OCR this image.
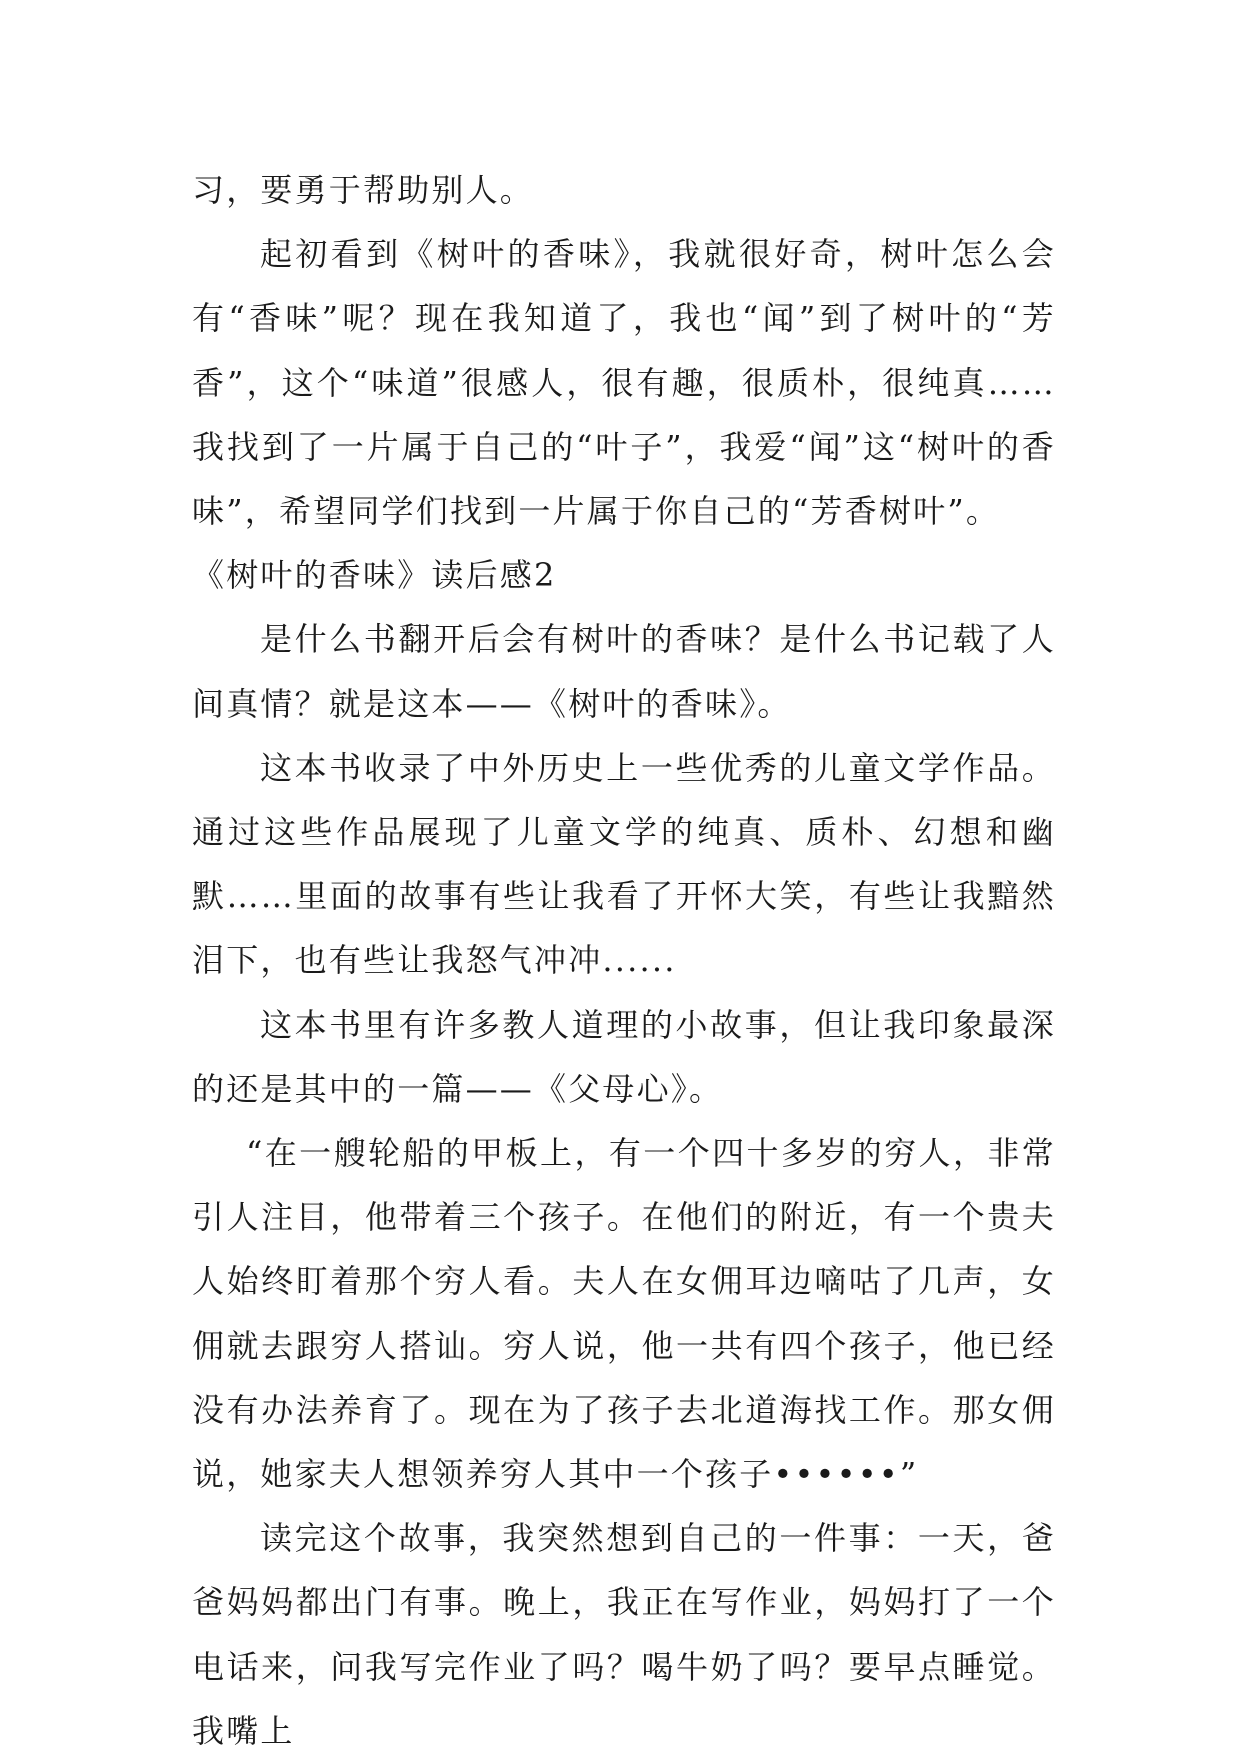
习，要勇于帮助别人。

起初看到《树叶的香味》，我就很好奇，树叶怎么会有“香味”呢？现在我知道了，我也“闻”到了树叶的“芳香”，这个“味道”很感人，很有趣，很质朴，很纯真……我找到了一片属于自己的“叶子”，我爱“闻”这“树叶的香味”，希望同学们找到一片属于你自己的“芳香树叶”。

《树叶的香味》读后感2

是什么书翻开后会有树叶的香味？是什么书记载了人间真情？就是这本——《树叶的香味》。

这本书收录了中外历史上一些优秀的儿童文学作品。通过这些作品展现了儿童文学的纯真、质朴、幻想和幽默……里面的故事有些让我看了开怀大笑，有些让我黯然泪下，也有些让我怒气冲冲......

这本书里有许多教人道理的小故事，但让我印象最深的还是其中的一篇——《父母心》。

“在一艘轮船的甲板上，有一个四十多岁的穷人，非常引人注目，他带着三个孩子。在他们的附近，有一个贵夫人始终盯着那个穷人看。夫人在女佣耳边嘀咕了几声，女佣就去跟穷人搭讪。穷人说，他一共有四个孩子，他已经没有办法养育了。现在为了孩子去北道海找工作。那女佣说，她家夫人想领养穷人其中一个孩子••••••”

读完这个故事，我突然想到自己的一件事：一天，爸爸妈妈都出门有事。晚上，我正在写作业，妈妈打了一个电话来，问我写完作业了吗？喝牛奶了吗？要早点睡觉。我嘴上
